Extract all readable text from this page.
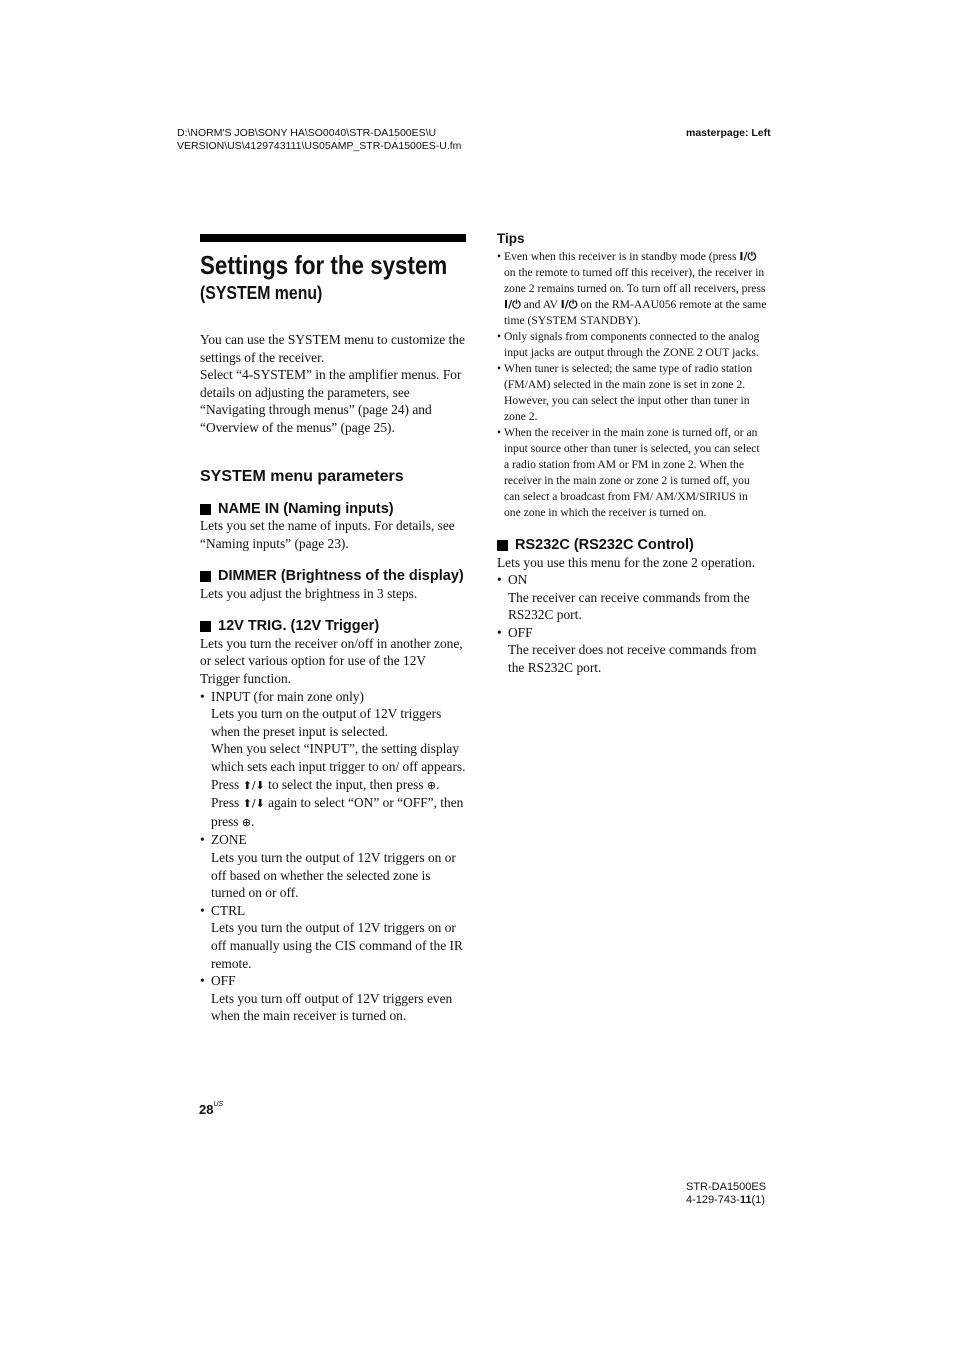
D:\NORM'S JOB\SONY HA\SO0040\STR-DA1500ES\U
VERSION\US\4129743111\US05AMP_STR-DA1500ES-U.fm
masterpage: Left
Settings for the system
(SYSTEM menu)

You can use the SYSTEM menu to customize the settings of the receiver.

Select “4-SYSTEM” in the amplifier menus. For details on adjusting the parameters, see “Navigating through menus” (page 24) and “Overview of the menus” (page 25).

SYSTEM menu parameters
NAME IN (Naming inputs)

Lets you set the name of inputs. For details, see “Naming inputs” (page 23).

DIMMER (Brightness of the display)

Lets you adjust the brightness in 3 steps.

12V TRIG. (12V Trigger)

Lets you turn the receiver on/off in another zone, or select various option for use of the 12V Trigger function.

• INPUT (for main zone only)
Lets you turn on the output of 12V triggers when the preset input is selected.
When you select “INPUT”, the setting display which sets each input trigger to on/ off appears. Press ⬆/⬇ to select the input, then press ⊕. Press ⬆/⬇ again to select “ON” or “OFF”, then press ⊕.
• ZONE
Lets you turn the output of 12V triggers on or off based on whether the selected zone is turned on or off.
• CTRL
Lets you turn the output of 12V triggers on or off manually using the CIS command of the IR remote.
• OFF
Lets you turn off output of 12V triggers even when the main receiver is turned on.
Tips
• Even when this receiver is in standby mode (press I/⏻ on the remote to turned off this receiver), the receiver in zone 2 remains turned on. To turn off all receivers, press I/⏻ and AV I/⏻ on the RM-AAU056 remote at the same time (SYSTEM STANDBY).
• Only signals from components connected to the analog input jacks are output through the ZONE 2 OUT jacks.
• When tuner is selected; the same type of radio station (FM/AM) selected in the main zone is set in zone 2. However, you can select the input other than tuner in zone 2.
• When the receiver in the main zone is turned off, or an input source other than tuner is selected, you can select a radio station from AM or FM in zone 2. When the receiver in the main zone or zone 2 is turned off, you can select a broadcast from FM/ AM/XM/SIRIUS in one zone in which the receiver is turned on.
RS232C (RS232C Control)

Lets you use this menu for the zone 2 operation.

• ON
The receiver can receive commands from the RS232C port.
• OFF
The receiver does not receive commands from the RS232C port.
$28^{US}$
STR-DA1500ES
4-129-743-11(1)
